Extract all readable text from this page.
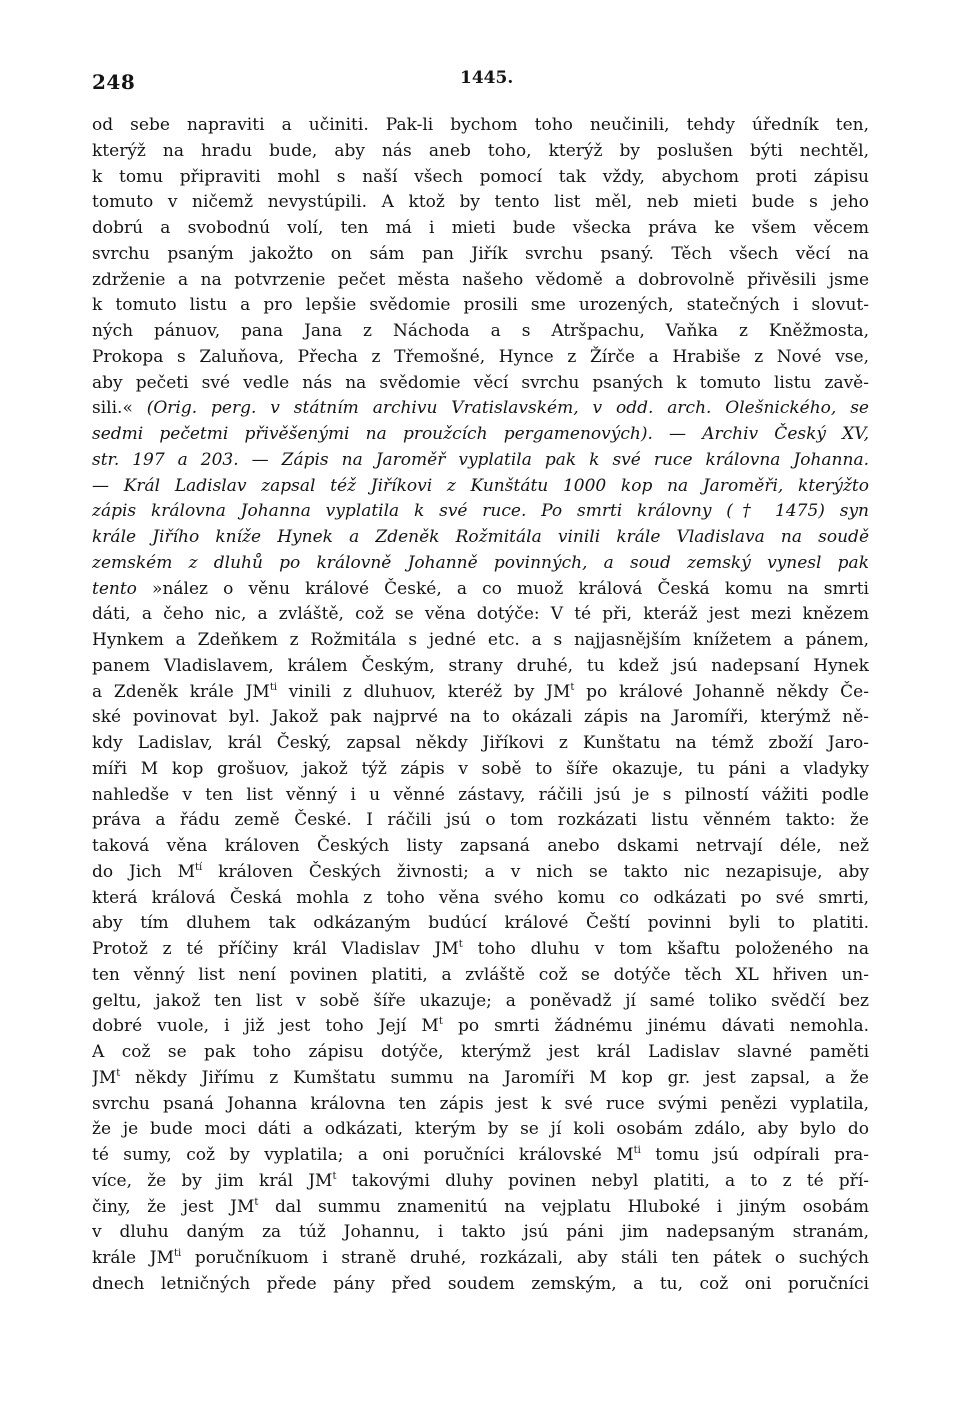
248	1445.
od sebe napraviti a učiniti. Pak-li bychom toho neučinili, tehdy úředník ten,
kterýž na hradu bude, aby nás aneb toho, kterýž by poslušen býti nechtěl,
k tomu připraviti mohl s naší všech pomocí tak vždy, abychom proti zápisu
tomuto v ničemž nevystúpili. A ktož by tento list měl, neb mieti bude s jeho
dobrú a svobodnú volí, ten má i mieti bude všecka práva ke všem věcem
svrchu psaným jakožto on sám pan Jiřík svrchu psaný. Těch všech věcí na
zdrženie a na potvrzenie pečet města našeho vědomě a dobrovolně přivěsili jsme
k tomuto listu a pro lepšie svědomie prosili sme urozených, statečných i slovut-
ných pánuov, pana Jana z Náchoda a s Atršpachu, Vaňka z Kněžmosta,
Prokopa s Zaluňova, Přecha z Třemošné, Hynce z Žírče a Hrabiše z Nové vse,
aby pečeti své vedle nás na svědomie věcí svrchu psaných k tomuto listu zavě-
sili.« (Orig. perg. v státním archivu Vratislavském, v odd. arch. Olešnického, se
sedmi pečetmi přivěšenými na proužcích pergamenových). — Archiv Český XV,
str. 197 a 203. — Zápis na Jaroměř vyplatila pak k své ruce královna Johanna.
— Král Ladislav zapsal též Jiříkovi z Kunštátu 1000 kop na Jaroměři, kterýžto
zápis královna Johanna vyplatila k své ruce. Po smrti královny († 1475) syn
krále Jiřího kníže Hynek a Zdeněk Rožmitála vinili krále Vladislava na soudě
zemském z dluhů po královně Johanně povinných, a soud zemský vynesl pak
tento »nález o věnu králové České, a co muož králová Česká komu na smrti
dáti, a čeho nic, a zvláště, což se věna dotýče: V té při, kteráž jest mezi knězem
Hynkem a Zdeňkem z Rožmitála s jedné etc. a s najjasnějším knížetem a pánem,
panem Vladislavem, králem Českým, strany druhé, tu kdež jsú nadepsaní Hynek
a Zdeněk krále $JM^{ti}$ vinili z dluhuov, kteréž by $JM^t$ po králové Johanně někdy Če-
ské povinovat byl. Jakož pak najprvé na to okázali zápis na Jaromíři, kterýmž ně-
kdy Ladislav, král Český, zapsal někdy Jiříkovi z Kunštatu na témž zboží Jaro-
míři M kop grošuov, jakož týž zápis v sobě to šíře okazuje, tu páni a vladyky
nahledše v ten list věnný i u věnné zástavy, ráčili jsú je s pilností vážiti podle
práva a řádu země České. I ráčili jsú o tom rozkázati listu věnném takto: že
taková věna královen Českých listy zapsaná anebo dskami netrvají déle, než
do Jich $M^{tí}$ královen Českých živnosti; a v nich se takto nic nezapisuje, aby
která králová Česká mohla z toho věna svého komu co odkázati po své smrti,
aby tím dluhem tak odkázaným budúcí králové Čeští povinni byli to platiti.
Protož z té příčiny král Vladislav $JM^t$ toho dluhu v tom kšaftu položeného na
ten věnný list není povinen platiti, a zvláště což se dotýče těch XL hřiven un-
geltu, jakož ten list v sobě šíře ukazuje; a poněvadž jí samé toliko svědčí bez
dobré vuole, i již jest toho Její $M^t$ po smrti žádnému jinému dávati nemohla.
A což se pak toho zápisu dotýče, kterýmž jest král Ladislav slavné paměti
$JM^t$ někdy Jiřímu z Kumštatu summu na Jaromíři M kop gr. jest zapsal, a že
svrchu psaná Johanna královna ten zápis jest k své ruce svými penězi vyplatila,
že je bude moci dáti a odkázati, kterým by se jí koli osobám zdálo, aby bylo do
té sumy, což by vyplatila; a oni poručníci královské $M^{ti}$ tomu jsú odpírali pra-
více, že by jim král $JM^t$ takovými dluhy povinen nebyl platiti, a to z té pří-
činy, že jest $JM^t$ dal summu znamenitú na vejplatu Hluboké i jiným osobám
v dluhu daným za túž Johannu, i takto jsú páni jim nadepsaným stranám,
krále $JM^{ti}$ poručníkuom i straně druhé, rozkázali, aby stáli ten pátek o suchých
dnech letničných přede pány před soudem zemským, a tu, což oni poručníci
